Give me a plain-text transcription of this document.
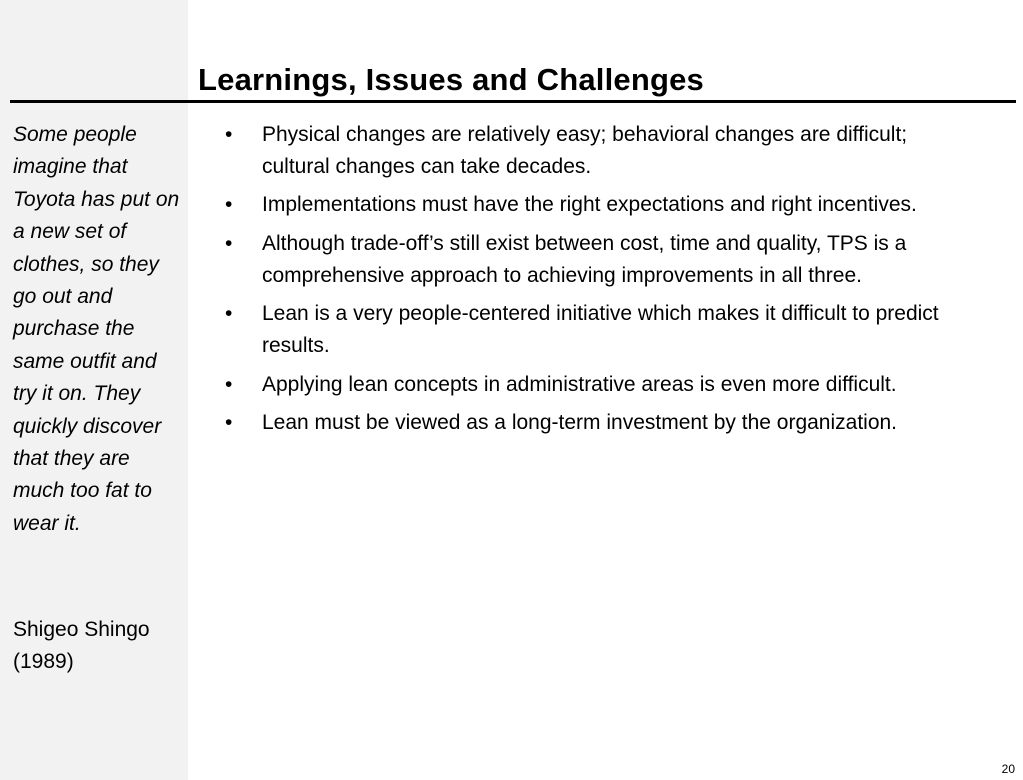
Learnings, Issues and Challenges

Some people imagine that Toyota has put on a new set of clothes, so they go out and purchase the same outfit and try it on. They quickly discover that they are much too fat to wear it.

Shigeo Shingo
(1989)
• Physical changes are relatively easy; behavioral changes are difficult; cultural changes can take decades.
• Implementations must have the right expectations and right incentives.
• Although trade-off’s still exist between cost, time and quality, TPS is a comprehensive approach to achieving improvements in all three.
• Lean is a very people-centered initiative which makes it difficult to predict results.
• Applying lean concepts in administrative areas is even more difficult.
• Lean must be viewed as a long-term investment by the organization.
20
